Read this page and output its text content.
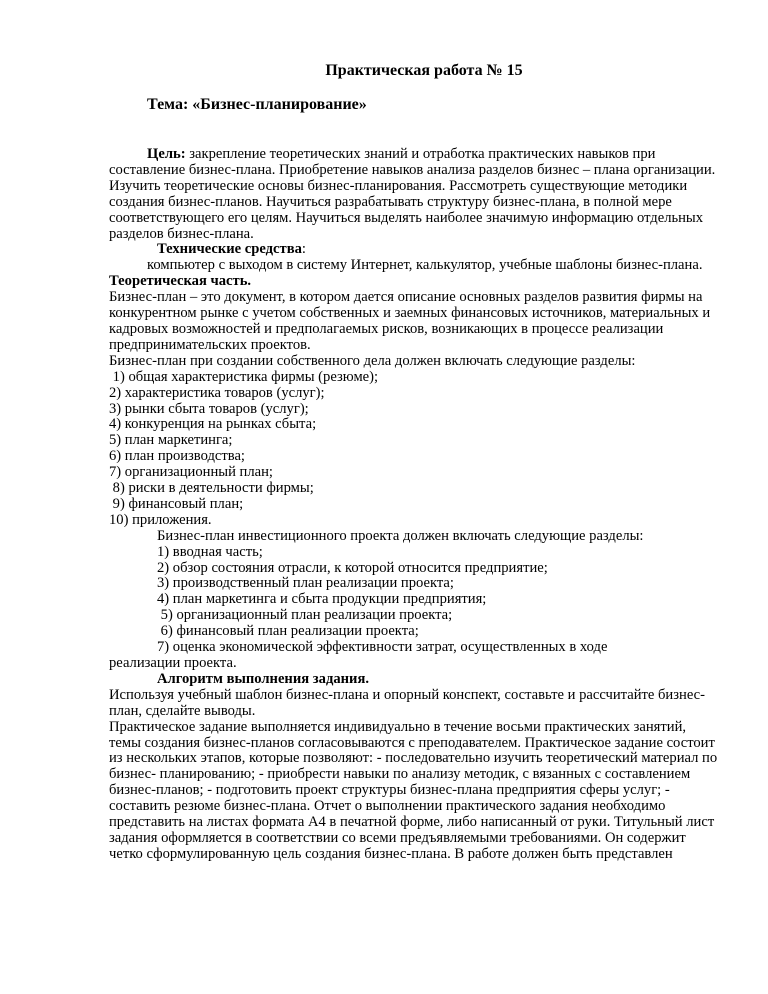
Практическая работа № 15
Тема: «Бизнес-планирование»

Цель: закрепление теоретических знаний и отработка практических навыков при составление бизнес-плана. Приобретение навыков анализа разделов бизнес – плана организации. Изучить теоретические основы бизнес-планирования. Рассмотреть существующие методики создания бизнес-планов. Научиться разрабатывать структуру бизнес-плана, в полной мере соответствующего его целям. Научиться выделять наиболее значимую информацию отдельных разделов бизнес-плана.

Технические средства:

компьютер с выходом в систему Интернет, калькулятор, учебные шаблоны бизнес-плана.

Теоретическая часть.

Бизнес-план – это документ, в котором дается описание основных разделов развития фирмы на конкурентном рынке с учетом собственных и заемных финансовых источников, материальных и кадровых возможностей и предполагаемых рисков, возникающих в процессе реализации предпринимательских проектов.

Бизнес-план при создании собственного дела должен включать следующие разделы:

1) общая характеристика фирмы (резюме);

2) характеристика товаров (услуг);

3) рынки сбыта товаров (услуг);

4) конкуренция на рынках сбыта;

5) план маркетинга;

6) план производства;

7) организационный план;

8) риски в деятельности фирмы;

9) финансовый план;

10) приложения.

Бизнес-план инвестиционного проекта должен включать следующие разделы:

1) вводная часть;

2) обзор состояния отрасли, к которой относится предприятие;

3) производственный план реализации проекта;

4) план маркетинга и сбыта продукции предприятия;

5) организационный план реализации проекта;

6) финансовый план реализации проекта;

7) оценка экономической эффективности затрат, осуществленных в ходе

реализации проекта.

Алгоритм выполнения задания.

Используя учебный шаблон бизнес-плана и опорный конспект, составьте и рассчитайте бизнес-план, сделайте выводы.

Практическое задание выполняется индивидуально в течение восьми практических занятий, темы создания бизнес-планов согласовываются с преподавателем. Практическое задание состоит из нескольких этапов, которые позволяют: - последовательно изучить теоретический материал по бизнес- планированию; - приобрести навыки по анализу методик, с вязанных с составлением бизнес-планов; - подготовить проект структуры бизнес-плана предприятия сферы услуг; - составить резюме бизнес-плана. Отчет о выполнении практического задания необходимо представить на листах формата А4 в печатной форме, либо написанный от руки. Титульный лист задания оформляется в соответствии со всеми предъявляемыми требованиями. Он содержит четко сформулированную цель создания бизнес-плана. В работе должен быть представлен
